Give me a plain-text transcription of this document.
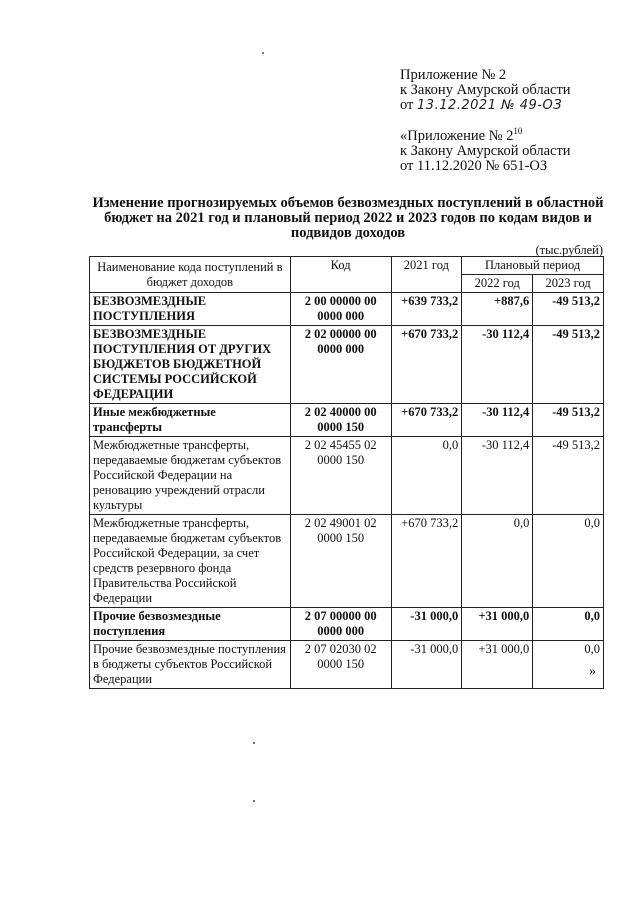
Приложение № 2
к Закону Амурской области
от 13.12.2021 № 49-ОЗ
«Приложение № $2^{10}$
к Закону Амурской области
от 11.12.2020 № 651-ОЗ
Изменение прогнозируемых объемов безвозмездных поступлений в областной бюджет на 2021 год и плановый период 2022 и 2023 годов по кодам видов и подвидов доходов
(тыс.рублей)
Наименование кода поступлений в бюджет доходов	Код	2021 год	Плановый период	
			2022 год	2023 год
БЕЗВОЗМЕЗДНЫЕ ПОСТУПЛЕНИЯ	2 00 00000 00 0000 000	+639 733,2	+887,6	-49 513,2
БЕЗВОЗМЕЗДНЫЕ ПОСТУПЛЕНИЯ ОТ ДРУГИХ БЮДЖЕТОВ БЮДЖЕТНОЙ СИСТЕМЫ РОССИЙСКОЙ ФЕДЕРАЦИИ	2 02 00000 00 0000 000	+670 733,2	-30 112,4	-49 513,2
Иные межбюджетные трансферты	2 02 40000 00 0000 150	+670 733,2	-30 112,4	-49 513,2
Межбюджетные трансферты, передаваемые бюджетам субъектов Российской Федерации на реновацию учреждений отрасли культуры	2 02 45455 02 0000 150	0,0	-30 112,4	-49 513,2
Межбюджетные трансферты, передаваемые бюджетам субъектов Российской Федерации, за счет средств резервного фонда Правительства Российской Федерации	2 02 49001 02 0000 150	+670 733,2	0,0	0,0
Прочие безвозмездные поступления	2 07 00000 00 0000 000	-31 000,0	+31 000,0	0,0
Прочие безвозмездные поступления в бюджеты субъектов Российской Федерации	2 07 02030 02 0000 150	-31 000,0	+31 000,0	0,0
»
